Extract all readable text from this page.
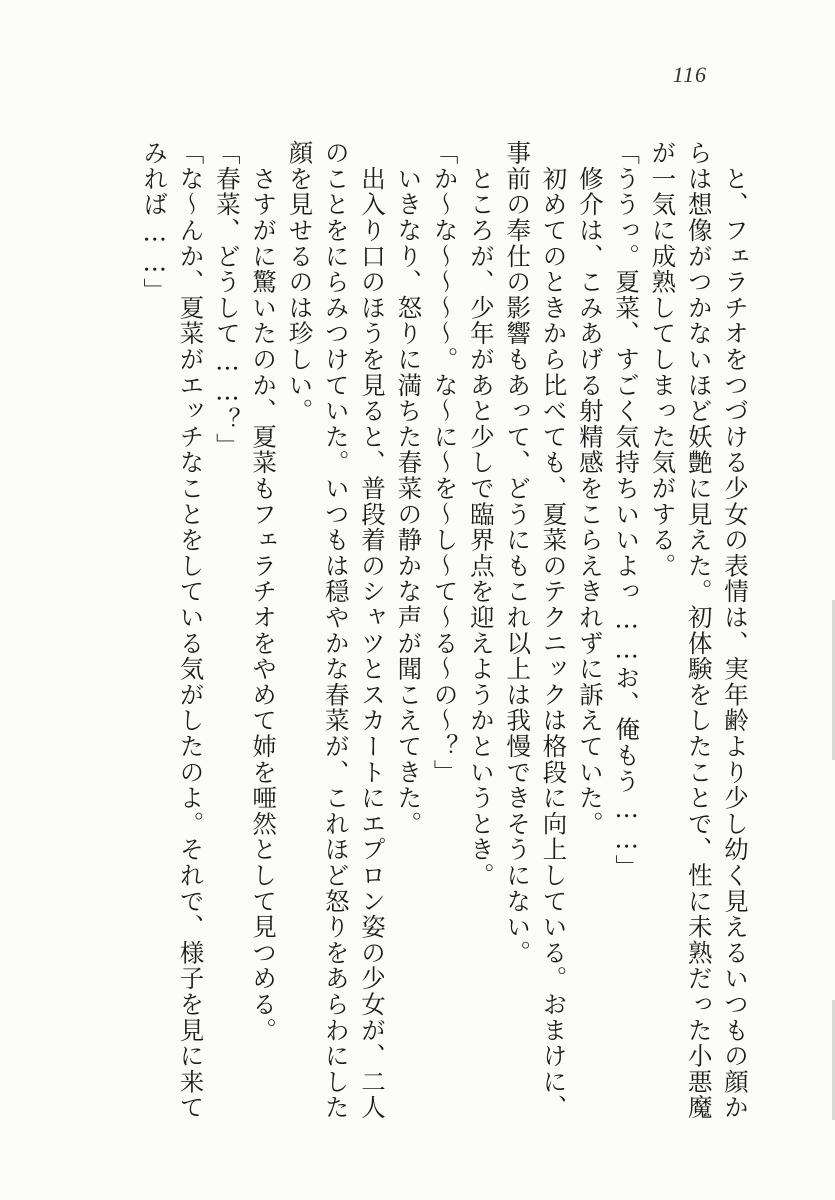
116
　と、フェラチオをつづける少女の表情は、実年齢より少し幼く見えるいつもの顔か
らは想像がつかないほど妖艶に見えた。初体験をしたことで、性に未熟だった小悪魔
が一気に成熟してしまった気がする。
「ううっ。夏菜、すごく気持ちいいよっ……お、俺もう……」
　修介は、こみあげる射精感をこらえきれずに訴えていた。
　初めてのときから比べても、夏菜のテクニックは格段に向上している。おまけに、
事前の奉仕の影響もあって、どうにもこれ以上は我慢できそうにない。
　ところが、少年があと少しで臨界点を迎えようかというとき。
「か〜な〜〜〜〜。な〜に〜を〜し〜て〜る〜の〜？」
　いきなり、怒りに満ちた春菜の静かな声が聞こえてきた。
　出入り口のほうを見ると、普段着のシャツとスカートにエプロン姿の少女が、二人
のことをにらみつけていた。いつもは穏やかな春菜が、これほど怒りをあらわにした
顔を見せるのは珍しい。
　さすがに驚いたのか、夏菜もフェラチオをやめて姉を唖然として見つめる。
「春菜、どうして……？」
「な〜んか、夏菜がエッチなことをしている気がしたのよ。それで、様子を見に来て
みれば……」
